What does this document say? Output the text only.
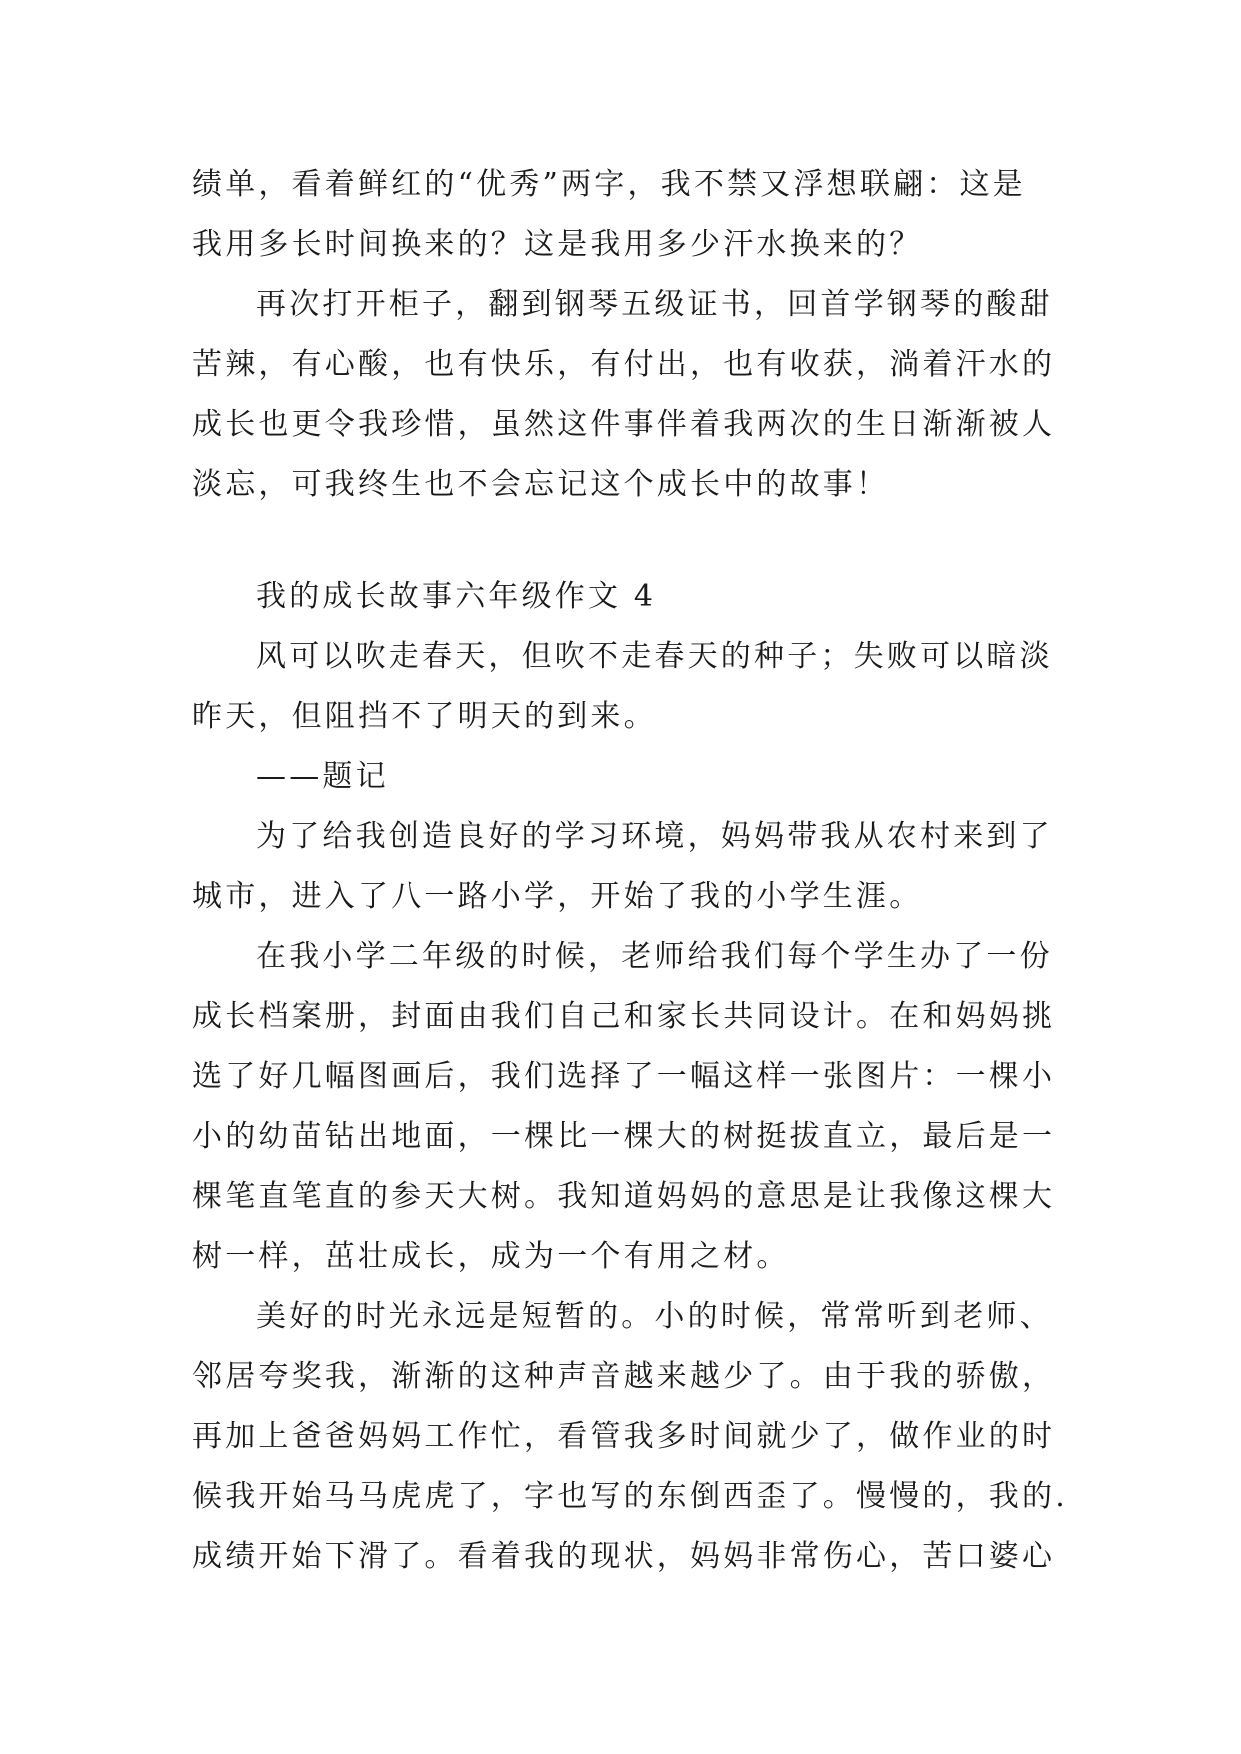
绩单，看着鲜红的“优秀”两字，我不禁又浮想联翩：这是
我用多长时间换来的？这是我用多少汗水换来的？
再次打开柜子，翻到钢琴五级证书，回首学钢琴的酸甜
苦辣，有心酸，也有快乐，有付出，也有收获，淌着汗水的
成长也更令我珍惜，虽然这件事伴着我两次的生日渐渐被人
淡忘，可我终生也不会忘记这个成长中的故事！
我的成长故事六年级作文 4
风可以吹走春天，但吹不走春天的种子；失败可以暗淡
昨天，但阻挡不了明天的到来。
——题记
为了给我创造良好的学习环境，妈妈带我从农村来到了
城市，进入了八一路小学，开始了我的小学生涯。
在我小学二年级的时候，老师给我们每个学生办了一份
成长档案册，封面由我们自己和家长共同设计。在和妈妈挑
选了好几幅图画后，我们选择了一幅这样一张图片：一棵小
小的幼苗钻出地面，一棵比一棵大的树挺拔直立，最后是一
棵笔直笔直的参天大树。我知道妈妈的意思是让我像这棵大
树一样，茁壮成长，成为一个有用之材。
美好的时光永远是短暂的。小的时候，常常听到老师、
邻居夸奖我，渐渐的这种声音越来越少了。由于我的骄傲，
再加上爸爸妈妈工作忙，看管我多时间就少了，做作业的时
候我开始马马虎虎了，字也写的东倒西歪了。慢慢的，我的.
成绩开始下滑了。看着我的现状，妈妈非常伤心，苦口婆心
